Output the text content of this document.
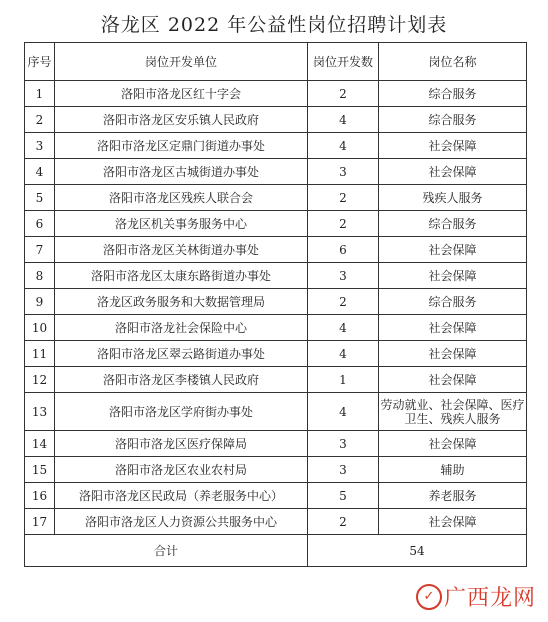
洛龙区 2022 年公益性岗位招聘计划表
序号	岗位开发单位	岗位开发数	岗位名称
1	洛阳市洛龙区红十字会	2	综合服务
2	洛阳市洛龙区安乐镇人民政府	4	综合服务
3	洛阳市洛龙区定鼎门街道办事处	4	社会保障
4	洛阳市洛龙区古城街道办事处	3	社会保障
5	洛阳市洛龙区残疾人联合会	2	残疾人服务
6	洛龙区机关事务服务中心	2	综合服务
7	洛阳市洛龙区关林街道办事处	6	社会保障
8	洛阳市洛龙区太康东路街道办事处	3	社会保障
9	洛龙区政务服务和大数据管理局	2	综合服务
10	洛阳市洛龙社会保险中心	4	社会保障
11	洛阳市洛龙区翠云路街道办事处	4	社会保障
12	洛阳市洛龙区李楼镇人民政府	1	社会保障
13	洛阳市洛龙区学府街办事处	4	劳动就业、社会保障、医疗卫生、残疾人服务
14	洛阳市洛龙区医疗保障局	3	社会保障
15	洛阳市洛龙区农业农村局	3	辅助
16	洛阳市洛龙区民政局（养老服务中心）	5	养老服务
17	洛阳市洛龙区人力资源公共服务中心	2	社会保障
合计		54	
✓ 广西龙网
